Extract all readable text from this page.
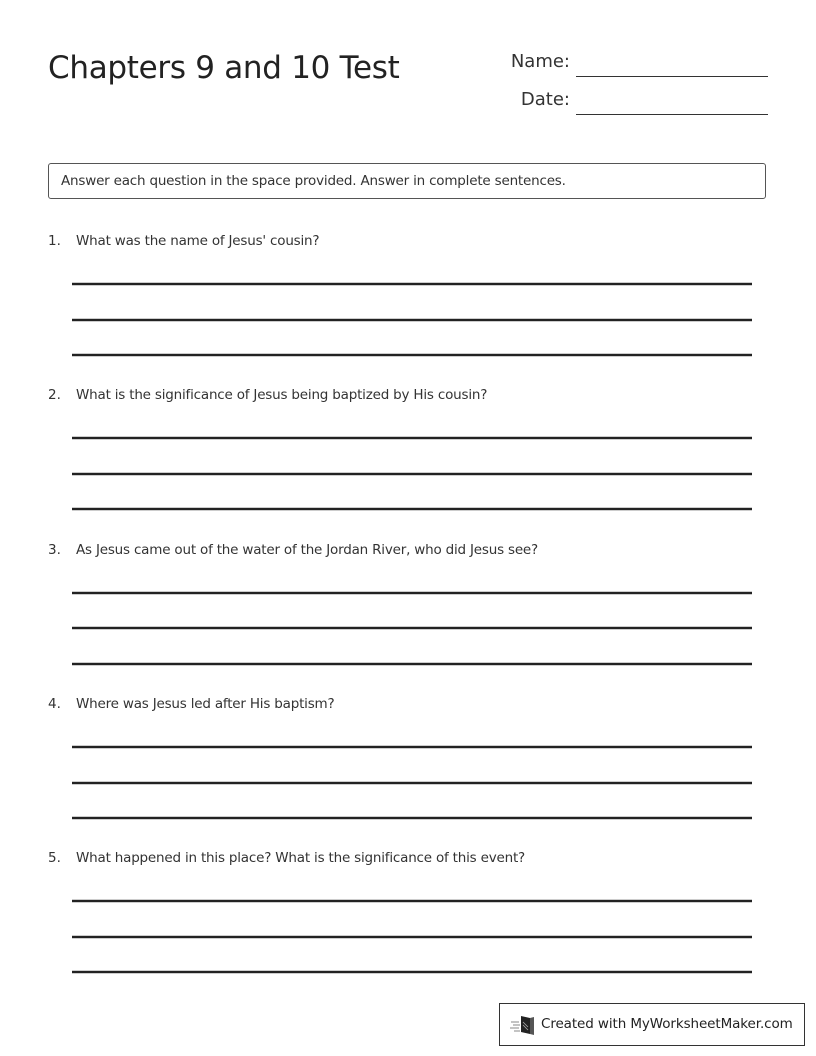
Chapters 9 and 10 Test	Name:
Date:
Answer each question in the space provided. Answer in complete sentences.
1. What was the name of Jesus' cousin?
2. What is the significance of Jesus being baptized by His cousin?
3. As Jesus came out of the water of the Jordan River, who did Jesus see?
4. Where was Jesus led after His baptism?
5. What happened in this place? What is the significance of this event?
Created with MyWorksheetMaker.com
